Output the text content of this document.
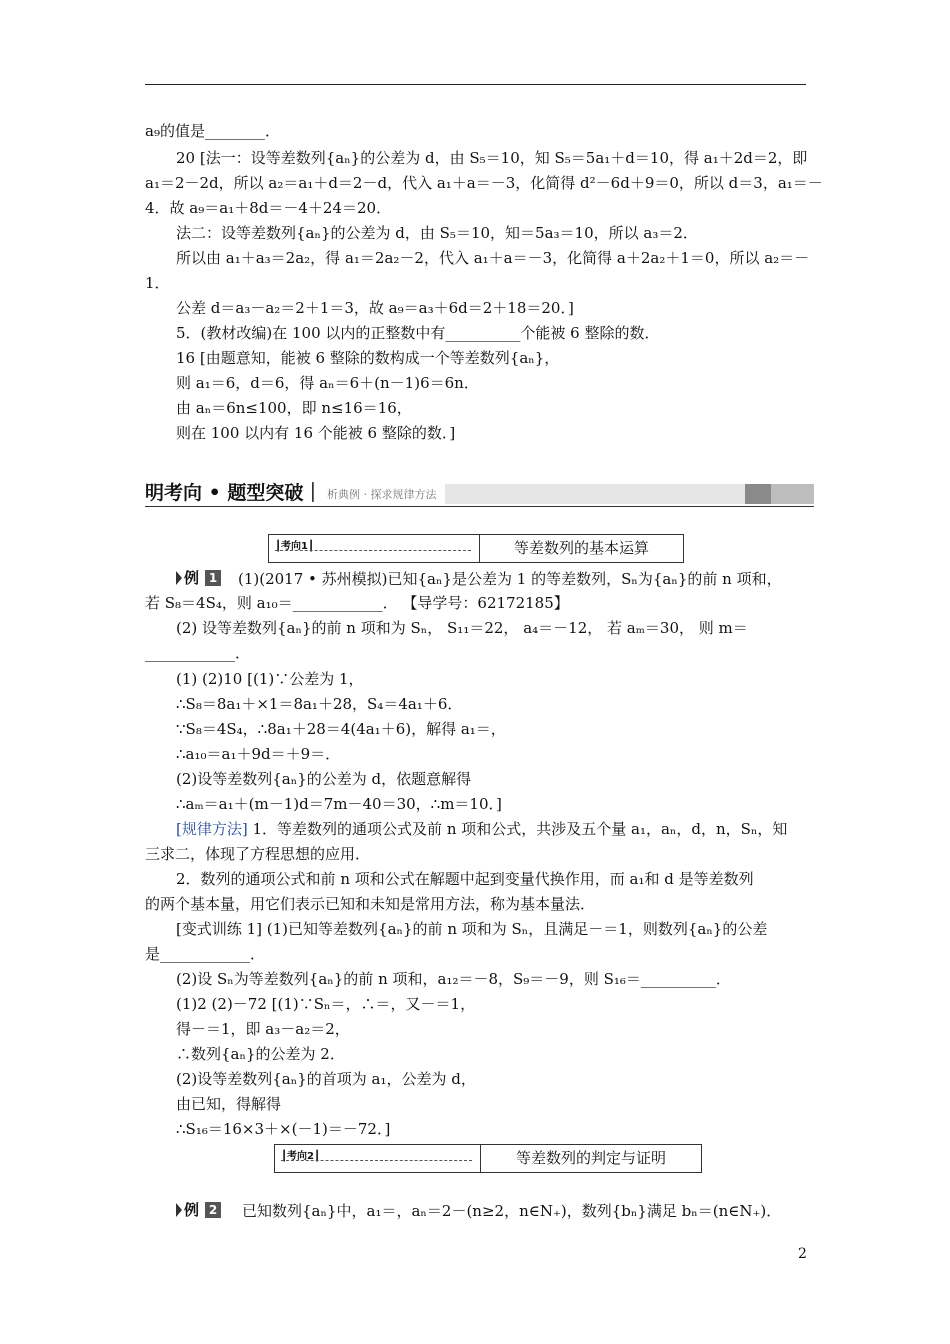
明考向 • 题型突破｜ 析典例 · 探求规律方法
┃考向1┃	等差数列的基本运算
例 1 (1)(2017 • 苏州模拟)已知{aₙ}是公差为 1 的等差数列，Sₙ为{aₙ}的前 n 项和，
[规律方法] 1．等差数列的通项公式及前 n 项和公式，共涉及五个量 a₁，aₙ，d，n，Sₙ，知
┃考向2┃	等差数列的判定与证明
例 2 已知数列{aₙ}中，a₁＝，aₙ＝2－(n≥2，n∈N₊)，数列{bₙ}满足 bₙ＝(n∈N₊)．
2
a₉的值是________．
20 [法一：设等差数列{aₙ}的公差为 d，由 S₅＝10，知 S₅＝5a₁＋d＝10，得 a₁＋2d＝2，即
a₁＝2－2d，所以 a₂＝a₁＋d＝2－d，代入 a₁＋a＝－3，化简得 d²－6d＋9＝0，所以 d＝3，a₁＝－
4．故 a₉＝a₁＋8d＝－4＋24＝20．
法二：设等差数列{aₙ}的公差为 d，由 S₅＝10，知＝5a₃＝10，所以 a₃＝2．
所以由 a₁＋a₃＝2a₂，得 a₁＝2a₂－2，代入 a₁＋a＝－3，化简得 a＋2a₂＋1＝0，所以 a₂＝－
1．
公差 d＝a₃－a₂＝2＋1＝3，故 a₉＝a₃＋6d＝2＋18＝20．]
5．(教材改编)在 100 以内的正整数中有__________个能被 6 整除的数．
16 [由题意知，能被 6 整除的数构成一个等差数列{aₙ}，
则 a₁＝6，d＝6，得 aₙ＝6＋(n－1)6＝6n．
由 aₙ＝6n≤100，即 n≤16＝16，
则在 100 以内有 16 个能被 6 整除的数．]
若 S₈＝4S₄，则 a₁₀＝____________． 【导学号：62172185】
(2) 设等差数列{aₙ}的前 n 项和为 Sₙ， S₁₁＝22， a₄＝－12， 若 aₘ＝30， 则 m＝
____________．
(1) (2)10 [(1)∵公差为 1，
∴S₈＝8a₁＋×1＝8a₁＋28，S₄＝4a₁＋6．
∵S₈＝4S₄，∴8a₁＋28＝4(4a₁＋6)，解得 a₁＝，
∴a₁₀＝a₁＋9d＝＋9＝．
(2)设等差数列{aₙ}的公差为 d，依题意解得
∴aₘ＝a₁＋(m－1)d＝7m－40＝30，∴m＝10．]
三求二，体现了方程思想的应用．
2．数列的通项公式和前 n 项和公式在解题中起到变量代换作用，而 a₁和 d 是等差数列
的两个基本量，用它们表示已知和未知是常用方法，称为基本量法．
[变式训练 1] (1)已知等差数列{aₙ}的前 n 项和为 Sₙ，且满足－＝1，则数列{aₙ}的公差
是____________．
(2)设 Sₙ为等差数列{aₙ}的前 n 项和，a₁₂＝－8，S₉＝－9，则 S₁₆＝__________．
(1)2 (2)－72 [(1)∵Sₙ＝，∴＝，又－＝1，
得－＝1，即 a₃－a₂＝2，
∴数列{aₙ}的公差为 2．
(2)设等差数列{aₙ}的首项为 a₁，公差为 d，
由已知，得解得
∴S₁₆＝16×3＋×(－1)＝－72．]
